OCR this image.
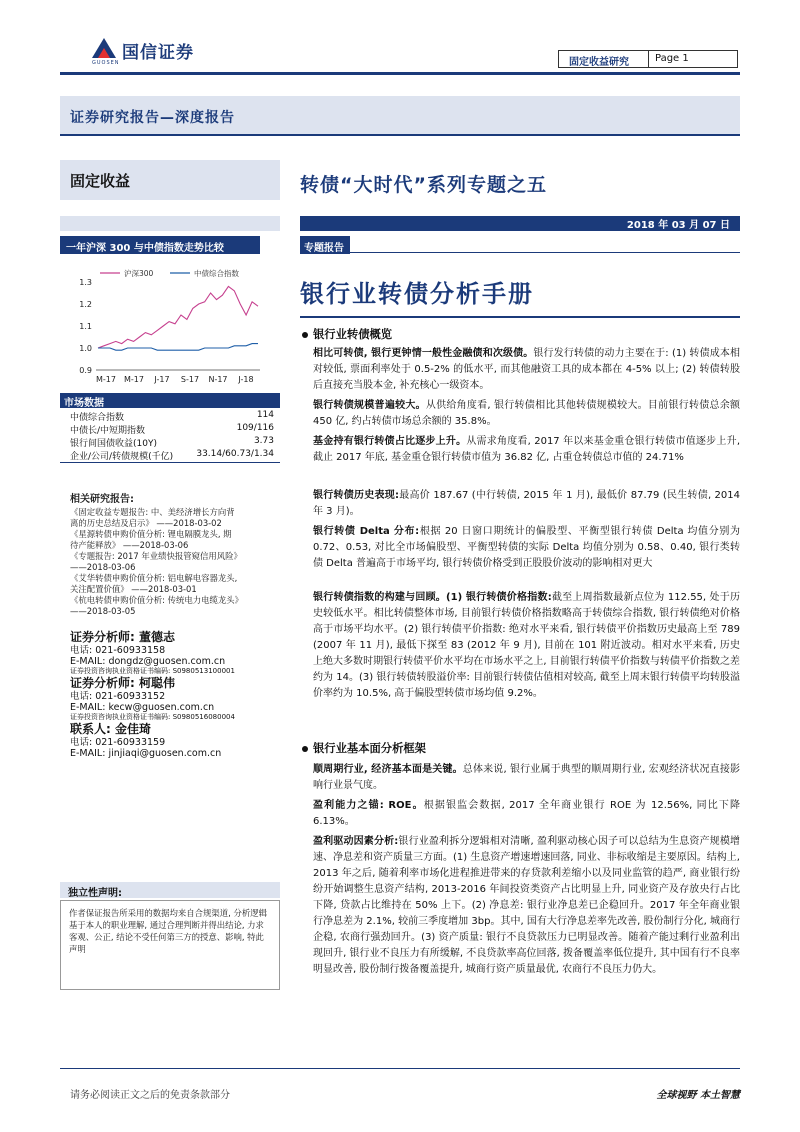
国信证券
GUOSEN	固定收益研究	Page 1
证券研究报告—深度报告
固定收益	转债“大时代”系列专题之五
2018 年 03 月 07 日
一年沪深 300 与中债指数走势比较
沪深300	中债综合指数
1.3
1.2
1.1
1.0
0.9
M-17 M-17 J-17 S-17 N-17 J-18
市场数据
中债综合指数	114
中债长/中短期指数	109/116
银行间国债收益(10Y)	3.73
企业/公司/转债规模(千亿)	33.14/60.73/1.34
相关研究报告:
《固定收益专题报告: 中、美经济增长方向背
离的历史总结及启示》 ——2018-03-02
《星源转债申购价值分析: 锂电隔膜龙头, 期
待产能释放》 ——2018-03-06
《专题报告: 2017 年业绩快报管窥信用风险》
——2018-03-06
《艾华转债申购价值分析: 铝电解电容器龙头,
关注配置价值》 ——2018-03-01
《杭电转债申购价值分析: 传统电力电缆龙头》
——2018-03-05
证券分析师: 董德志
电话: 021-60933158
E-MAIL: dongdz@guosen.com.cn
证券投资咨询执业资格证书编码: S0980513100001
证券分析师: 柯聪伟
电话: 021-60933152
E-MAIL: kecw@guosen.com.cn
证券投资咨询执业资格证书编码: S0980516080004
联系人: 金佳琦
电话: 021-60933159
E-MAIL: jinjiaqi@guosen.com.cn
独立性声明:
作者保证报告所采用的数据均来自合规渠道, 分析逻辑基于本人的职业理解, 通过合理判断并得出结论, 力求客观、公正, 结论不受任何第三方的授意、影响, 特此声明
专题报告
银行业转债分析手册
银行业转债概览
相比可转债, 银行更钟情一般性金融债和次级债。银行发行转债的动力主要在于: (1) 转债成本相对较低, 票面利率处于 0.5-2% 的低水平, 而其他融资工具的成本都在 4-5% 以上; (2) 转债转股后直接充当股本金, 补充核心一级资本。
银行转债规模普遍较大。从供给角度看, 银行转债相比其他转债规模较大。目前银行转债总余额 450 亿, 约占转债市场总余额的 35.8%。
基金持有银行转债占比逐步上升。从需求角度看, 2017 年以来基金重仓银行转债市值逐步上升, 截止 2017 年底, 基金重仓银行转债市值为 36.82 亿, 占重仓转债总市值的 24.71%
银行转债历史表现:最高价 187.67 (中行转债, 2015 年 1 月), 最低价 87.79 (民生转债, 2014 年 3 月)。
银行转债 Delta 分布:根据 20 日窗口期统计的偏股型、平衡型银行转债 Delta 均值分别为 0.72、0.53, 对比全市场偏股型、平衡型转债的实际 Delta 均值分别为 0.58、0.40, 银行类转债 Delta 普遍高于市场平均, 银行转债价格受到正股股价波动的影响相对更大
银行转债指数的构建与回顾。(1) 银行转债价格指数:截至上周指数最新点位为 112.55, 处于历史较低水平。相比转债整体市场, 目前银行转债价格指数略高于转债综合指数, 银行转债绝对价格高于市场平均水平。(2) 银行转债平价指数: 绝对水平来看, 银行转债平价指数历史最高上至 789 (2007 年 11 月), 最低下探至 83 (2012 年 9 月), 目前在 101 附近波动。相对水平来看, 历史上绝大多数时期银行转债平价水平均在市场水平之上, 目前银行转债平价指数与转债平价指数之差约为 14。(3) 银行转债转股溢价率: 目前银行转债估值相对较高, 截至上周末银行转债平均转股溢价率约为 10.5%, 高于偏股型转债市场均值 9.2%。
银行业基本面分析框架
顺周期行业, 经济基本面是关键。总体来说, 银行业属于典型的顺周期行业, 宏观经济状况直接影响行业景气度。
盈利能力之锚: ROE。根据银监会数据, 2017 全年商业银行 ROE 为 12.56%, 同比下降 6.13%。
盈利驱动因素分析:银行业盈利拆分逻辑相对清晰, 盈利驱动核心因子可以总结为生息资产规模增速、净息差和资产质量三方面。(1) 生息资产增速增速回落, 同业、非标收缩是主要原因。结构上, 2013 年之后, 随着利率市场化进程推进带来的存贷款利差缩小以及同业监管的趋严, 商业银行纷纷开始调整生息资产结构, 2013-2016 年间投资类资产占比明显上升, 同业资产及存放央行占比下降, 贷款占比维持在 50% 上下。(2) 净息差: 银行业净息差已企稳回升。2017 年全年商业银行净息差为 2.1%, 较前三季度增加 3bp。其中, 国有大行净息差率先改善, 股份制行分化, 城商行企稳, 农商行强劲回升。(3) 资产质量: 银行不良贷款压力已明显改善。随着产能过剩行业盈利出现回升, 银行业不良压力有所缓解, 不良贷款率高位回落, 拨备覆盖率低位提升, 其中国有行不良率明显改善, 股份制行拨备覆盖提升, 城商行资产质量最优, 农商行不良压力仍大。
请务必阅读正文之后的免责条款部分	全球视野 本土智慧
